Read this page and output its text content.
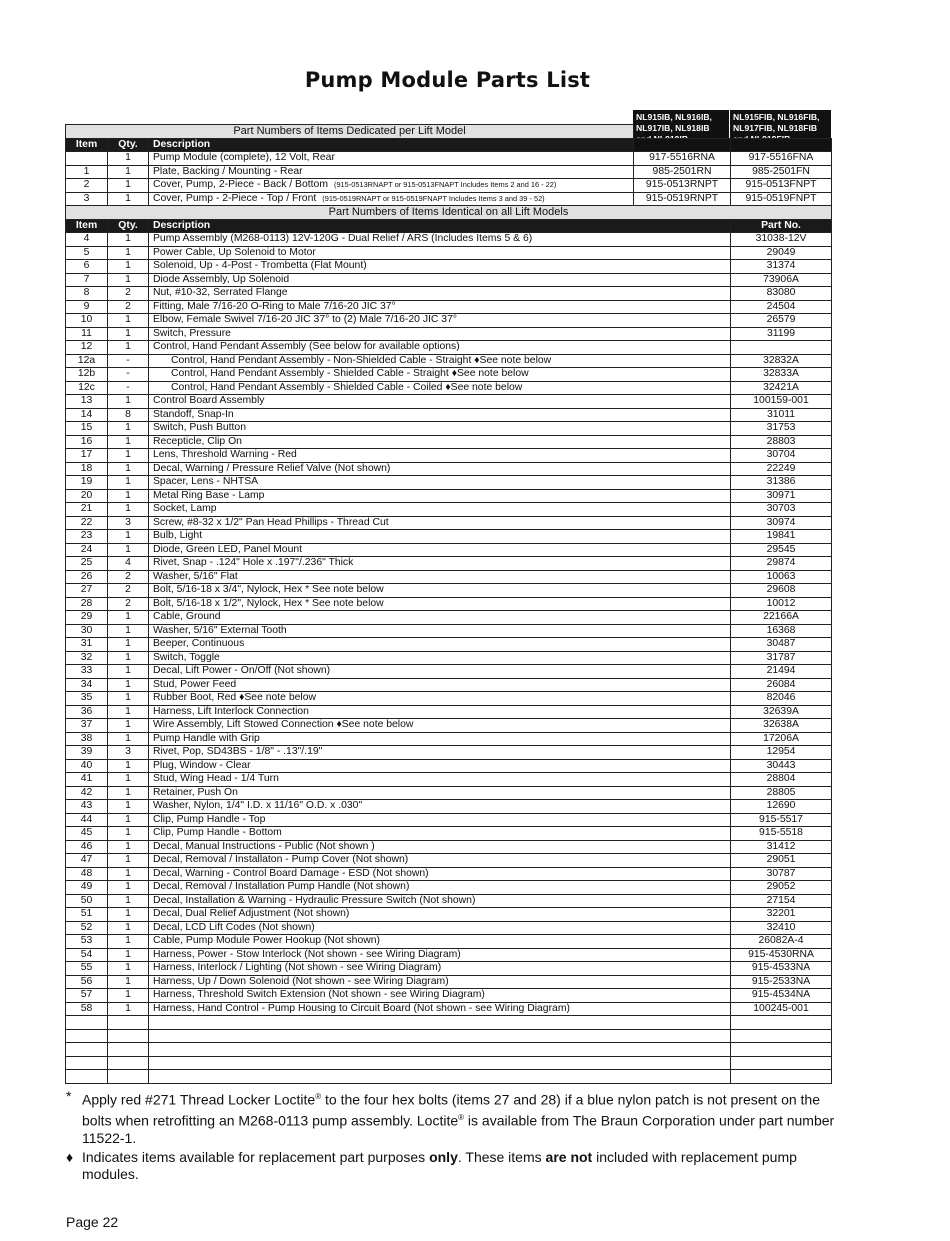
Pump Module Parts List
NL915IB, NL916IB,
NL917IB, NL918IB

NL915FIB, NL916FIB,
NL917FIB, NL918FIB

Part Numbers of Items Dedicated per Lift Model				
Item	Qty.	Description		
	1	Pump Module (complete), 12 Volt, Rear	917-5516RNA	917-5516FNA
1	1	Plate, Backing / Mounting - Rear	985-2501RN	985-2501FN
2	1	Cover, Pump, 2-Piece - Back / Bottom (915-0513RNAPT or 915-0513FNAPT Includes Items 2 and 16 - 22)	915-0513RNPT	915-0513FNPT
3	1	Cover, Pump - 2-Piece - Top / Front (915-0519RNAPT or 915-0519FNAPT Includes Items 3 and 39 - 52)	915-0519RNPT	915-0519FNPT
Part Numbers of Items Identical on all Lift Models				
Item	Qty.	Description		Part No.
4	1	Pump Assembly (M268-0113) 12V-120G - Dual Relief / ARS (Includes Items 5 & 6)		31038-12V
5	1	Power Cable, Up Solenoid to Motor		29049
6	1	Solenoid, Up - 4-Post - Trombetta (Flat Mount)		31374
7	1	Diode Assembly, Up Solenoid		73906A
8	2	Nut, #10-32, Serrated Flange		83080
9	2	Fitting, Male 7/16-20 O-Ring to Male 7/16-20 JIC 37°		24504
10	1	Elbow, Female Swivel 7/16-20 JIC 37° to (2) Male 7/16-20 JIC 37°		26579
11	1	Switch, Pressure		31199
12	1	Control, Hand Pendant Assembly (See below for available options)		
12a	-	Control, Hand Pendant Assembly - Non-Shielded Cable - Straight ♦See note below		32832A
12b	-	Control, Hand Pendant Assembly - Shielded Cable - Straight ♦See note below		32833A
12c	-	Control, Hand Pendant Assembly - Shielded Cable - Coiled ♦See note below		32421A
13	1	Control Board Assembly		100159-001
14	8	Standoff, Snap-In		31011
15	1	Switch, Push Button		31753
16	1	Recepticle, Clip On		28803
17	1	Lens, Threshold Warning - Red		30704
18	1	Decal, Warning / Pressure Relief Valve (Not shown)		22249
19	1	Spacer, Lens - NHTSA		31386
20	1	Metal Ring Base - Lamp		30971
21	1	Socket, Lamp		30703
22	3	Screw, #8-32 x 1/2" Pan Head Phillips - Thread Cut		30974
23	1	Bulb, Light		19841
24	1	Diode, Green LED, Panel Mount		29545
25	4	Rivet, Snap - .124" Hole x .197"/.236" Thick		29874
26	2	Washer, 5/16" Flat		10063
27	2	Bolt, 5/16-18 x 3/4", Nylock, Hex * See note below		29608
28	2	Bolt, 5/16-18 x 1/2", Nylock, Hex * See note below		10012
29	1	Cable, Ground		22166A
30	1	Washer, 5/16" External Tooth		16368
31	1	Beeper, Continuous		30487
32	1	Switch, Toggle		31787
33	1	Decal, Lift Power - On/Off (Not shown)		21494
34	1	Stud, Power Feed		26084
35	1	Rubber Boot, Red ♦See note below		82046
36	1	Harness, Lift Interlock Connection		32639A
37	1	Wire Assembly, Lift Stowed Connection ♦See note below		32638A
38	1	Pump Handle with Grip		17206A
39	3	Rivet, Pop, SD43BS - 1/8" - .13"/.19"		12954
40	1	Plug, Window - Clear		30443
41	1	Stud, Wing Head - 1/4 Turn		28804
42	1	Retainer, Push On		28805
43	1	Washer, Nylon, 1/4" I.D. x 11/16" O.D. x .030"		12690
44	1	Clip, Pump Handle - Top		915-5517
45	1	Clip, Pump Handle - Bottom		915-5518
46	1	Decal, Manual Instructions - Public (Not shown )		31412
47	1	Decal, Removal / Installaton - Pump Cover (Not shown)		29051
48	1	Decal, Warning - Control Board Damage - ESD (Not shown)		30787
49	1	Decal, Removal / Installation Pump Handle (Not shown)		29052
50	1	Decal, Installation & Warning - Hydraulic Pressure Switch (Not shown)		27154
51	1	Decal, Dual Relief Adjustment (Not shown)		32201
52	1	Decal, LCD Lift Codes (Not shown)		32410
53	1	Cable, Pump Module Power Hookup (Not shown)		26082A-4
54	1	Harness, Power - Stow Interlock (Not shown - see Wiring Diagram)		915-4530RNA
55	1	Harness, Interlock / Lighting (Not shown - see Wiring Diagram)		915-4533NA
56	1	Harness, Up / Down Solenoid (Not shown - see Wiring Diagram)		915-2533NA
57	1	Harness, Threshold Switch Extension (Not shown - see Wiring Diagram)		915-4534NA
58	1	Harness, Hand Control - Pump Housing to Circuit Board (Not shown - see Wiring Diagram)		100245-001

* Apply red #271 Thread Locker Loctite® to the four hex bolts (items 27 and 28) if a blue nylon patch is not present on the bolts when retrofitting an M268-0113 pump assembly. Loctite® is available from The Braun Corporation under part number 11522-1.
♦ Indicates items available for replacement part purposes only. These items are not included with replacement pump modules.
Page 22
